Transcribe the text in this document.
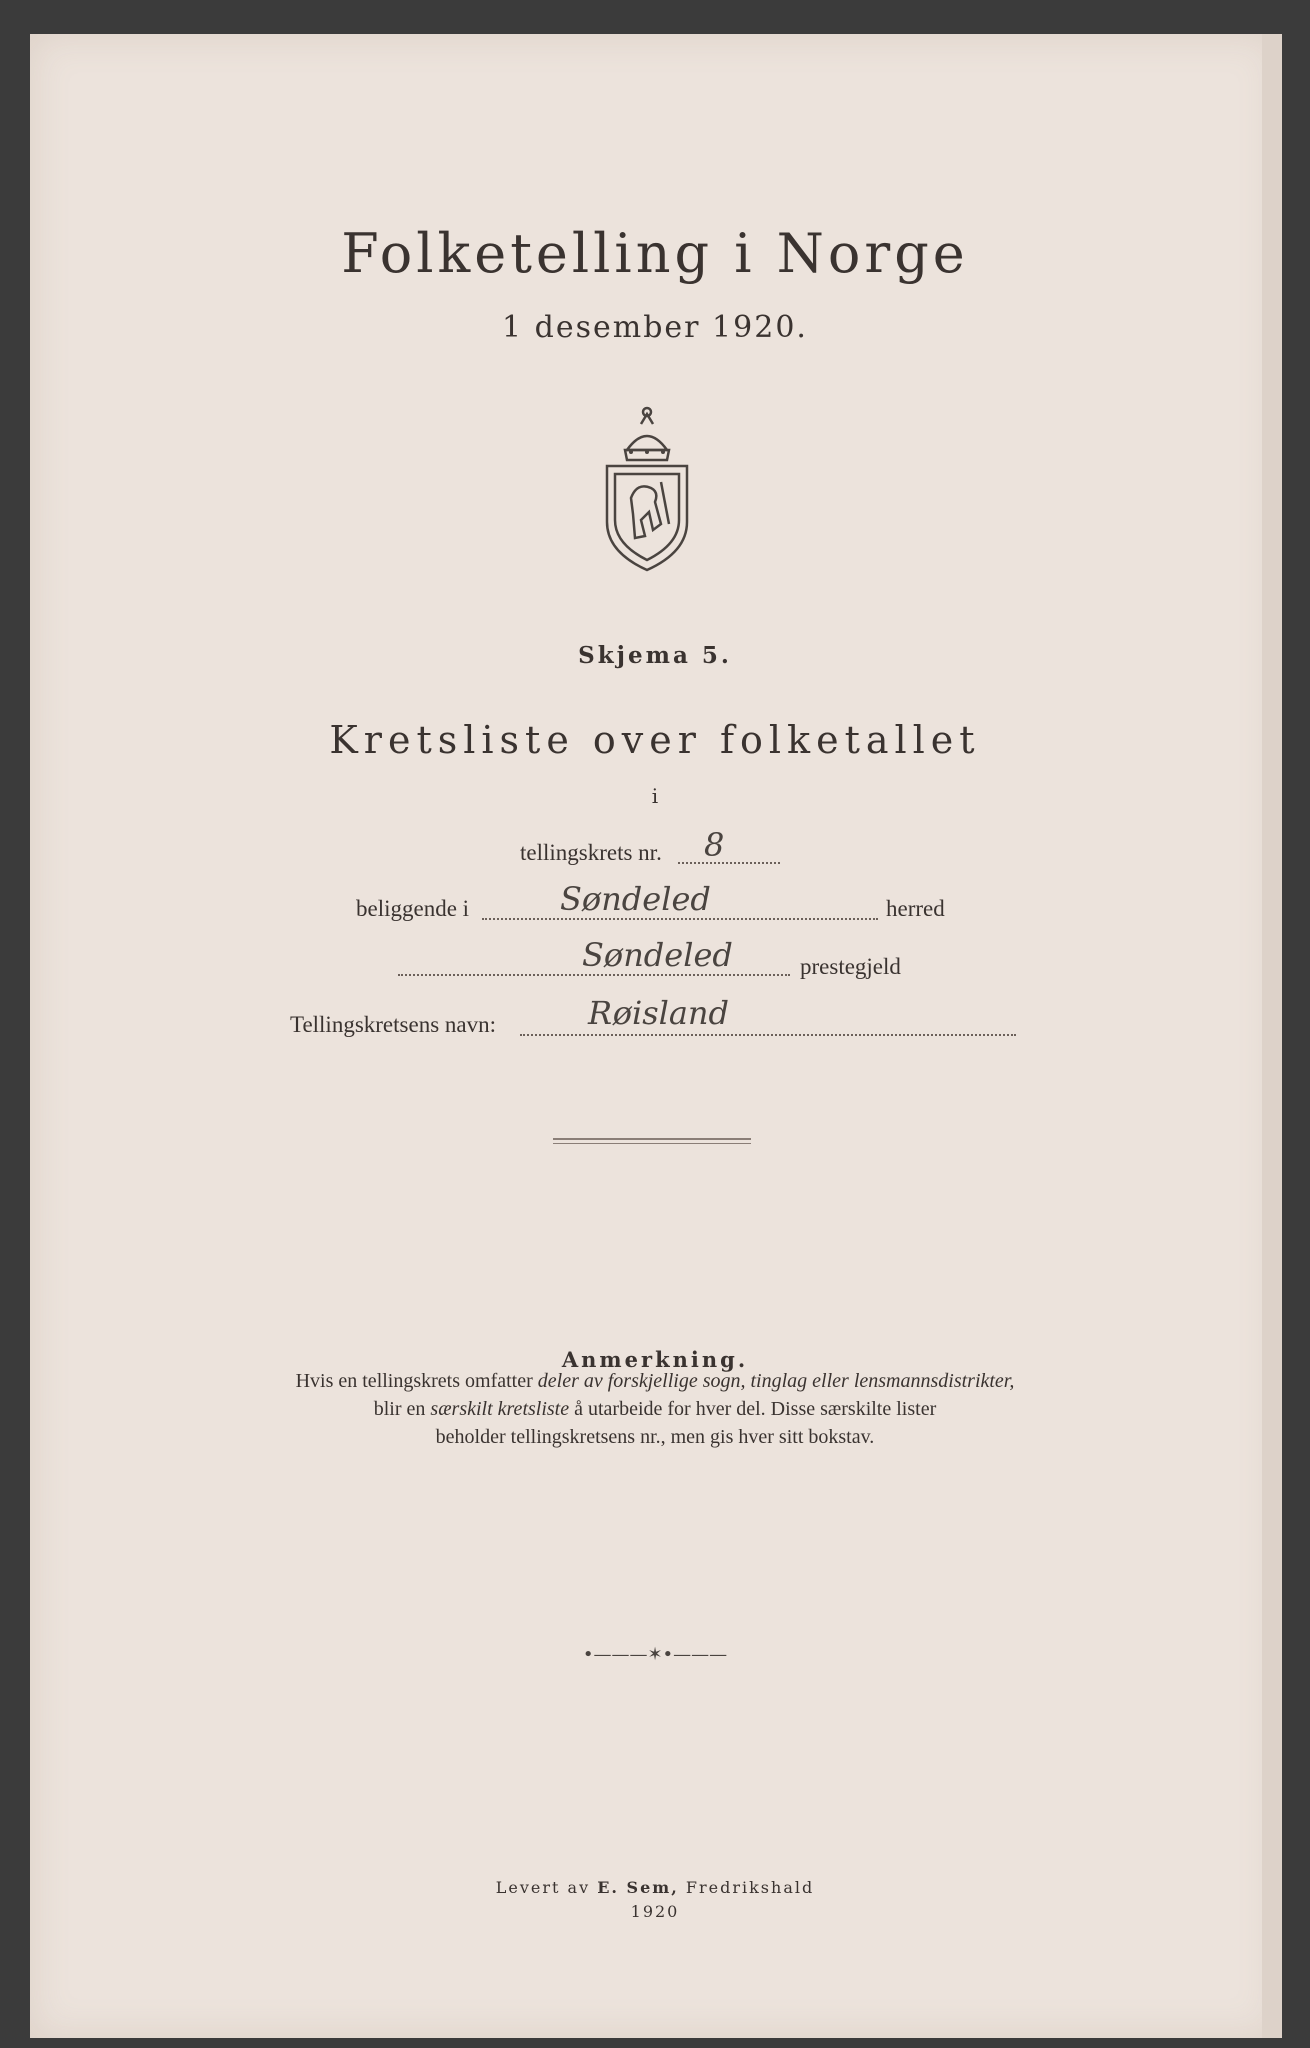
Folketelling i Norge
1 desember 1920.
Skjema 5.
Kretsliste over folketallet
i
tellingskrets nr. 8
beliggende i	Søndeled	herred
Søndeled	prestegjeld
Tellingskretsens navn:	Røisland
Anmerkning.
Hvis en tellingskrets omfatter deler av forskjellige sogn, tinglag eller lensmannsdistrikter,
blir en særskilt kretsliste å utarbeide for hver del. Disse særskilte lister
beholder tellingskretsens nr., men gis hver sitt bokstav.
•———✶•———
Levert av E. Sem, Fredrikshald
1920
